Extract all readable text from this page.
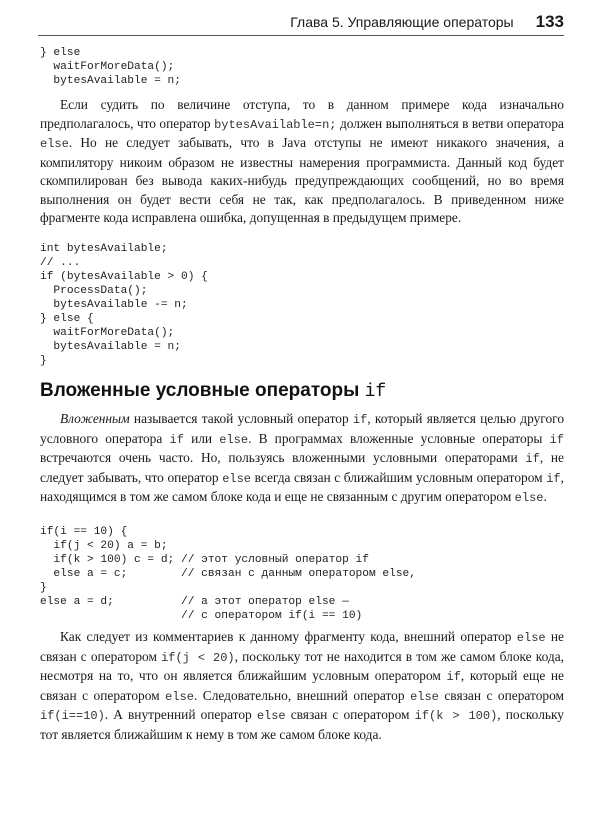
Глава 5. Управляющие операторы 133
} else
waitForMoreData();
bytesAvailable = n;

Если судить по величине отступа, то в данном примере кода изначально предполагалось, что оператор bytesAvailable=n; должен выполняться в ветви оператора else. Но не следует забывать, что в Java отступы не имеют никакого значения, а компилятору никоим образом не известны намерения программиста. Данный код будет скомпилирован без вывода каких-нибудь предупреждающих сообщений, но во время выполнения он будет вести себя не так, как предполагалось. В приведенном ниже фрагменте кода исправлена ошибка, допущенная в предыдущем примере.

int bytesAvailable;
// ...
if (bytesAvailable > 0) {
ProcessData();
bytesAvailable -= n;
} else {
waitForMoreData();
bytesAvailable = n;
}
Вложенные условные операторы if

Вложенным называется такой условный оператор if, который является целью другого условного оператора if или else. В программах вложенные условные операторы if встречаются очень часто. Но, пользуясь вложенными условными операторами if, не следует забывать, что оператор else всегда связан с ближайшим условным оператором if, находящимся в том же самом блоке кода и еще не связанным с другим оператором else.

if(i == 10) {
if(j < 20) a = b;
if(k > 100) c = d; // этот условный оператор if
else a = c;        // связан с данным оператором else,
}
else a = d;          // а этот оператор else —
// с оператором if(i == 10)

Как следует из комментариев к данному фрагменту кода, внешний оператор else не связан с оператором if(j < 20), поскольку тот не находится в том же самом блоке кода, несмотря на то, что он является ближайшим условным оператором if, который еще не связан с оператором else. Следовательно, внешний оператор else связан с оператором if(i==10). А внутренний оператор else связан с оператором if(k > 100), поскольку тот является ближайшим к нему в том же самом блоке кода.
